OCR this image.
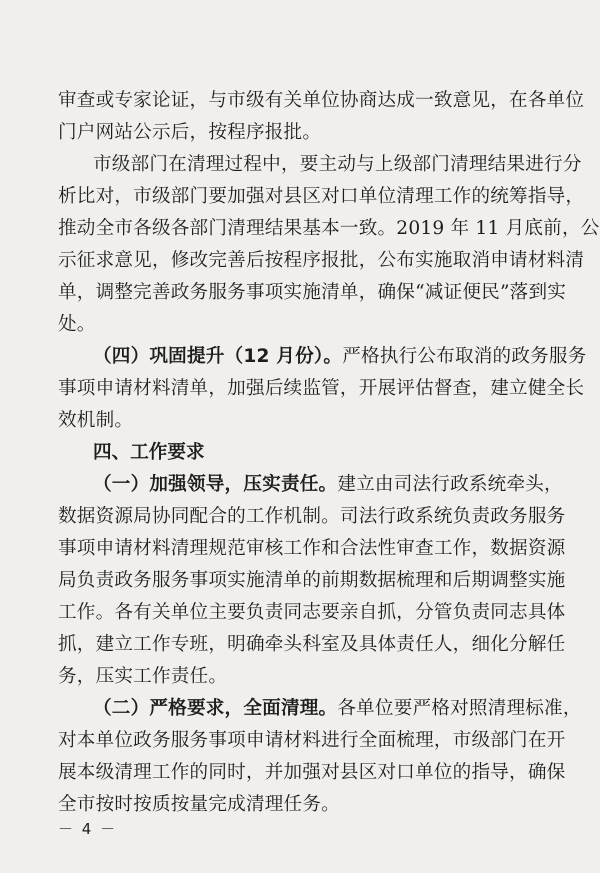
审查或专家论证，与市级有关单位协商达成一致意见，在各单位
门户网站公示后，按程序报批。
市级部门在清理过程中，要主动与上级部门清理结果进行分
析比对，市级部门要加强对县区对口单位清理工作的统筹指导，
推动全市各级各部门清理结果基本一致。2019 年 11 月底前，公
示征求意见，修改完善后按程序报批，公布实施取消申请材料清
单，调整完善政务服务事项实施清单，确保“减证便民”落到实
处。
（四）巩固提升（12 月份）。严格执行公布取消的政务服务
事项申请材料清单，加强后续监管，开展评估督查，建立健全长
效机制。
四、工作要求
（一）加强领导，压实责任。建立由司法行政系统牵头，
数据资源局协同配合的工作机制。司法行政系统负责政务服务
事项申请材料清理规范审核工作和合法性审查工作，数据资源
局负责政务服务事项实施清单的前期数据梳理和后期调整实施
工作。各有关单位主要负责同志要亲自抓，分管负责同志具体
抓，建立工作专班，明确牵头科室及具体责任人，细化分解任
务，压实工作责任。
（二）严格要求，全面清理。各单位要严格对照清理标准，
对本单位政务服务事项申请材料进行全面梳理，市级部门在开
展本级清理工作的同时，并加强对县区对口单位的指导，确保
全市按时按质按量完成清理任务。
－ 4 －
